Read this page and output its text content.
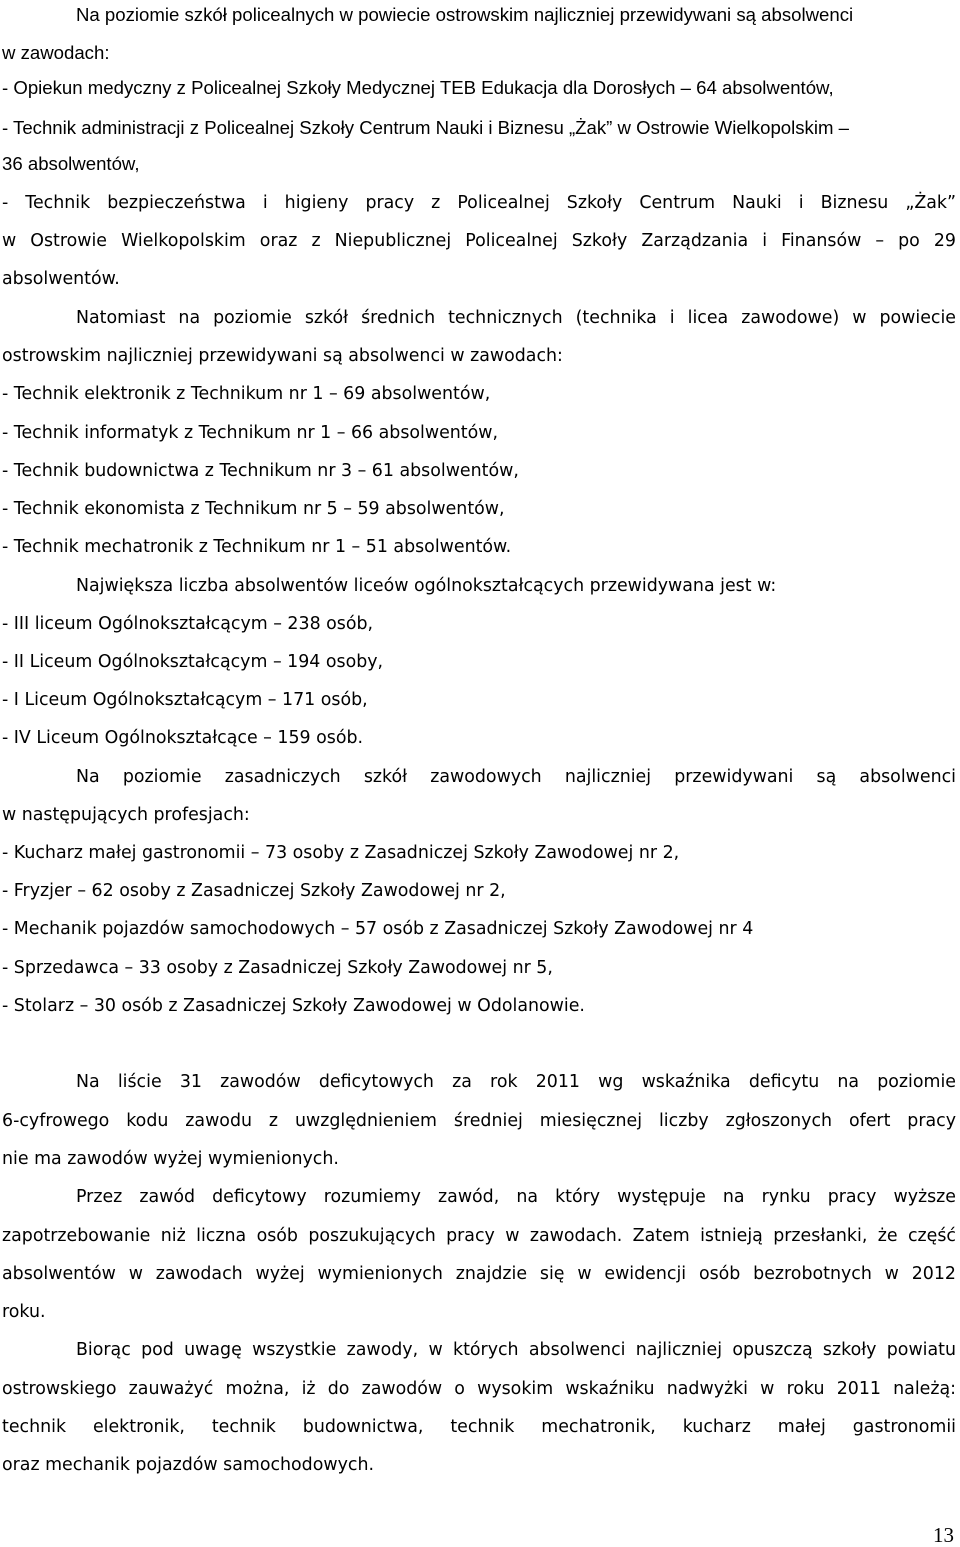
Na poziomie szkół policealnych w powiecie ostrowskim najliczniej przewidywani są absolwenci
w zawodach:
- Opiekun medyczny z Policealnej Szkoły Medycznej TEB Edukacja dla Dorosłych – 64 absolwentów,
- Technik administracji z Policealnej Szkoły Centrum Nauki i Biznesu „Żak” w Ostrowie Wielkopolskim –
36 absolwentów,
- Technik bezpieczeństwa i higieny pracy z Policealnej Szkoły Centrum Nauki i Biznesu „Żak”
w Ostrowie Wielkopolskim oraz z Niepublicznej Policealnej Szkoły Zarządzania i Finansów – po 29
absolwentów.
Natomiast na poziomie szkół średnich technicznych (technika i licea zawodowe) w powiecie
ostrowskim najliczniej przewidywani są absolwenci w zawodach:
- Technik elektronik z Technikum nr 1 – 69 absolwentów,
- Technik informatyk z Technikum nr 1 – 66 absolwentów,
- Technik budownictwa z Technikum nr 3 – 61 absolwentów,
- Technik ekonomista z Technikum nr 5 – 59 absolwentów,
- Technik mechatronik z Technikum nr 1 – 51 absolwentów.
Największa liczba absolwentów liceów ogólnokształcących przewidywana jest w:
- III liceum Ogólnokształcącym – 238 osób,
- II Liceum Ogólnokształcącym – 194 osoby,
- I Liceum Ogólnokształcącym – 171 osób,
- IV Liceum Ogólnokształcące – 159 osób.
Na poziomie zasadniczych szkół zawodowych najliczniej przewidywani są absolwenci
w następujących profesjach:
- Kucharz małej gastronomii – 73 osoby z Zasadniczej Szkoły Zawodowej nr 2,
- Fryzjer – 62 osoby z Zasadniczej Szkoły Zawodowej nr 2,
- Mechanik pojazdów samochodowych – 57 osób z Zasadniczej Szkoły Zawodowej nr 4
- Sprzedawca – 33 osoby z Zasadniczej Szkoły Zawodowej nr 5,
- Stolarz – 30 osób z Zasadniczej Szkoły Zawodowej w Odolanowie.
Na liście 31 zawodów deficytowych za rok 2011 wg wskaźnika deficytu na poziomie
6-cyfrowego kodu zawodu z uwzględnieniem średniej miesięcznej liczby zgłoszonych ofert pracy
nie ma zawodów wyżej wymienionych.
Przez zawód deficytowy rozumiemy zawód, na który występuje na rynku pracy wyższe
zapotrzebowanie niż liczna osób poszukujących pracy w zawodach. Zatem istnieją przesłanki, że część
absolwentów w zawodach wyżej wymienionych znajdzie się w ewidencji osób bezrobotnych w 2012
roku.
Biorąc pod uwagę wszystkie zawody, w których absolwenci najliczniej opuszczą szkoły powiatu
ostrowskiego zauważyć można, iż do zawodów o wysokim wskaźniku nadwyżki w roku 2011 należą:
technik elektronik, technik budownictwa, technik mechatronik, kucharz małej gastronomii
oraz mechanik pojazdów samochodowych.
13
